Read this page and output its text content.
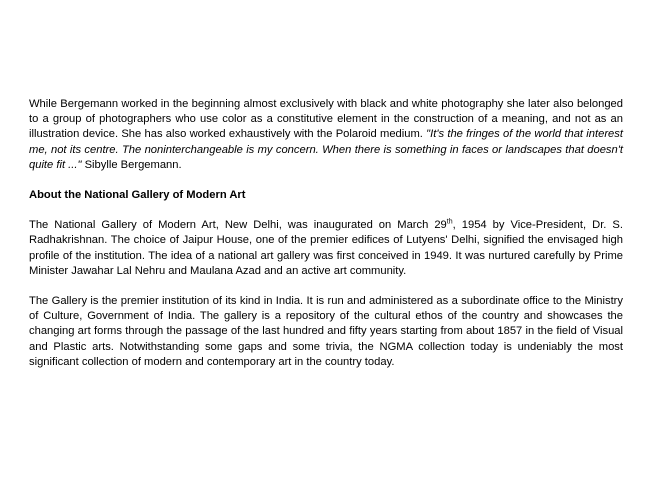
While Bergemann worked in the beginning almost exclusively with black and white photography she later also belonged to a group of photographers who use color as a constitutive element in the construction of a meaning, and not as an illustration device. She has also worked exhaustively with the Polaroid medium. "It's the fringes of the world that interest me, not its centre. The noninterchangeable is my concern. When there is something in faces or landscapes that doesn't quite fit ..." Sibylle Bergemann.

About the National Gallery of Modern Art

The National Gallery of Modern Art, New Delhi, was inaugurated on March 29th, 1954 by Vice-President, Dr. S. Radhakrishnan. The choice of Jaipur House, one of the premier edifices of Lutyens' Delhi, signified the envisaged high profile of the institution. The idea of a national art gallery was first conceived in 1949. It was nurtured carefully by Prime Minister Jawahar Lal Nehru and Maulana Azad and an active art community.

The Gallery is the premier institution of its kind in India. It is run and administered as a subordinate office to the Ministry of Culture, Government of India. The gallery is a repository of the cultural ethos of the country and showcases the changing art forms through the passage of the last hundred and fifty years starting from about 1857 in the field of Visual and Plastic arts. Notwithstanding some gaps and some trivia, the NGMA collection today is undeniably the most significant collection of modern and contemporary art in the country today.
